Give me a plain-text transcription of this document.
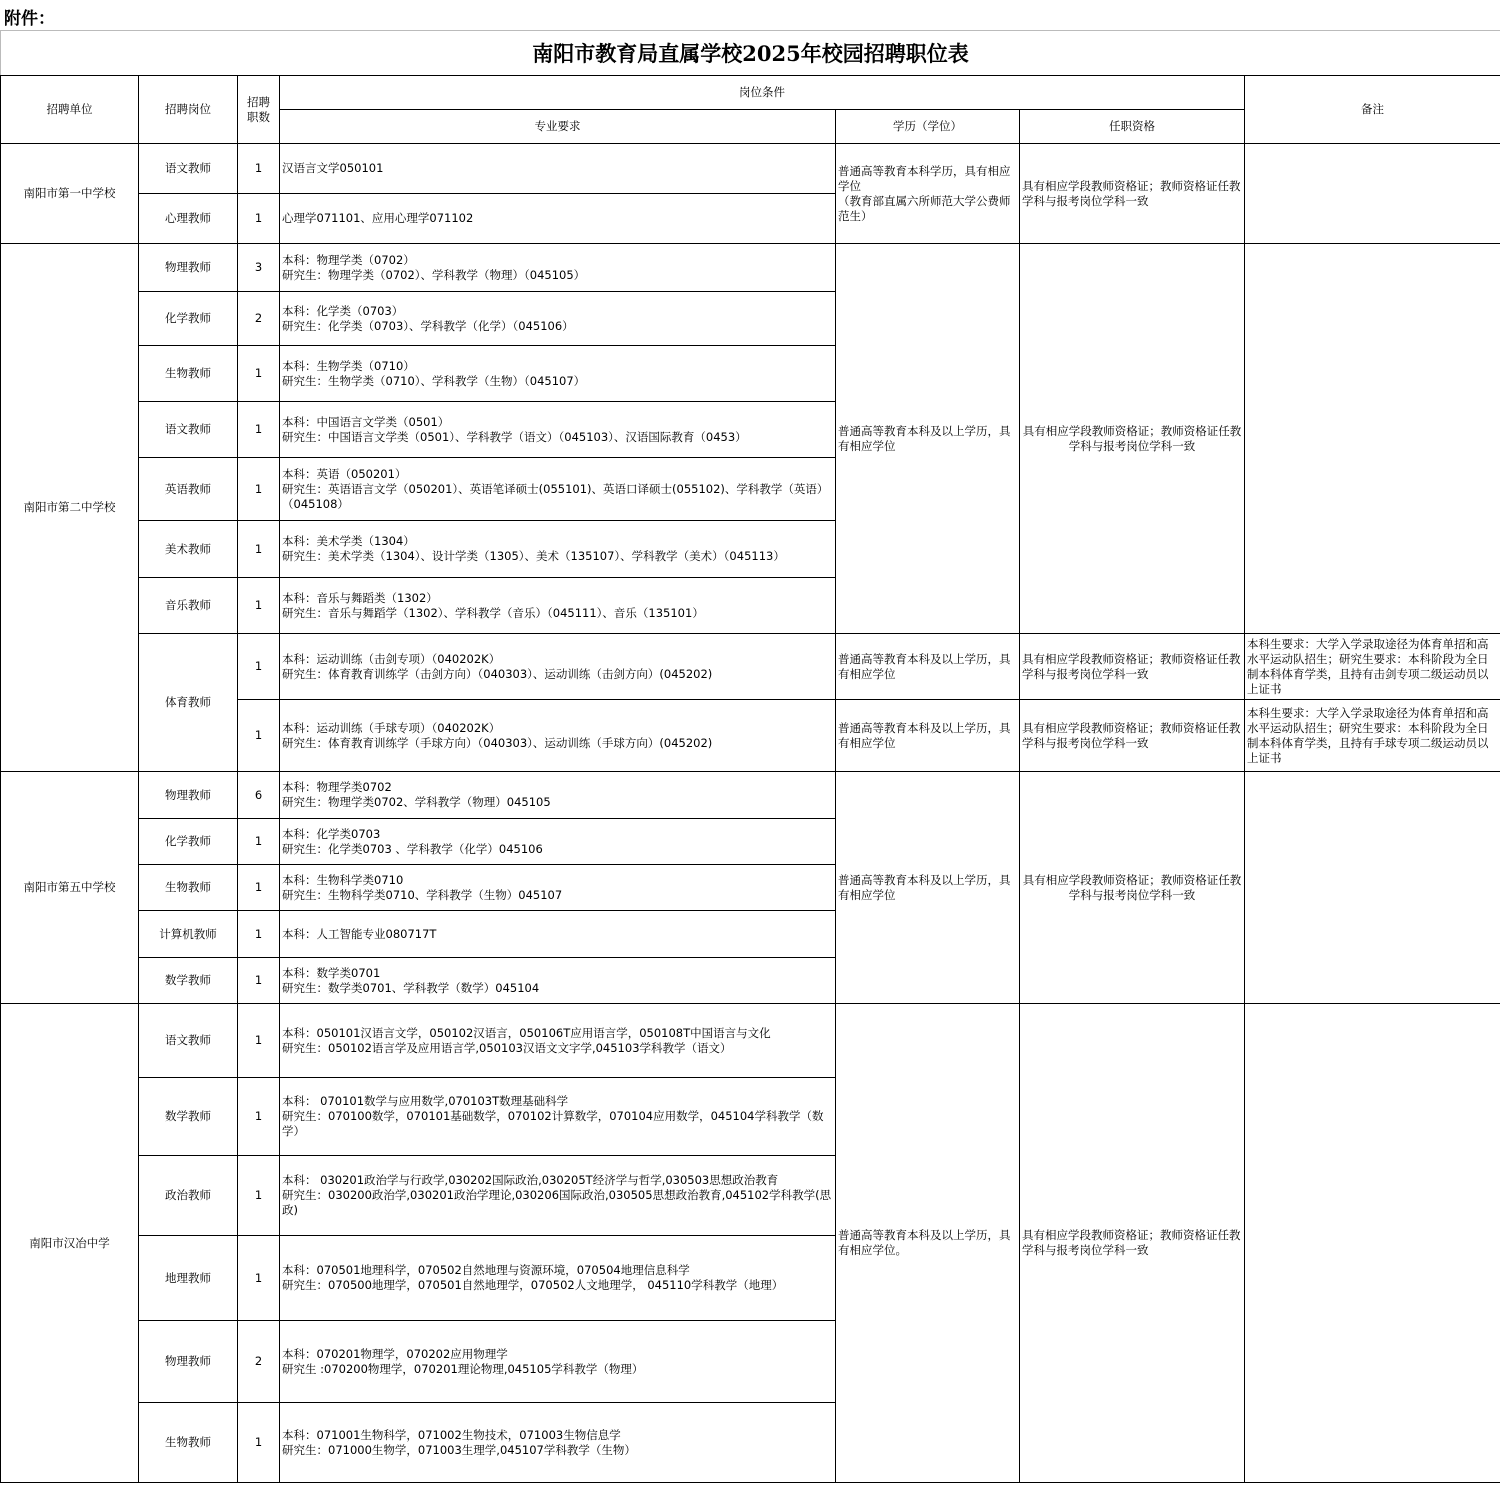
附件：
南阳市教育局直属学校2025年校园招聘职位表						
招聘单位	招聘岗位	招聘
职数	岗位条件			备注
			专业要求	学历（学位）	任职资格	
南阳市第一中学校	语文教师	1	汉语言文学050101	普通高等教育本科学历，具有相应学位
（教育部直属六所师范大学公费师范生）	具有相应学段教师资格证；教师资格证任教学科与报考岗位学科一致	
	心理教师	1	心理学071101、应用心理学071102			
南阳市第二中学校	物理教师	3	本科：物理学类（0702）
研究生：物理学类（0702）、学科教学（物理）（045105）	普通高等教育本科及以上学历，具有相应学位	具有相应学段教师资格证；教师资格证任教学科与报考岗位学科一致	
	化学教师	2	本科：化学类（0703）
研究生：化学类（0703）、学科教学（化学）（045106）			
	生物教师	1	本科：生物学类（0710）
研究生：生物学类（0710）、学科教学（生物）（045107）			
	语文教师	1	本科：中国语言文学类（0501）
研究生：中国语言文学类（0501）、学科教学（语文）（045103）、汉语国际教育（0453）			
	英语教师	1	本科：英语（050201）
研究生：英语语言文学（050201）、英语笔译硕士(055101)、英语口译硕士(055102)、学科教学（英语）（045108）			
	美术教师	1	本科：美术学类（1304）
研究生：美术学类（1304）、设计学类（1305）、美术（135107）、学科教学（美术）（045113）			
	音乐教师	1	本科：音乐与舞蹈类（1302）
研究生：音乐与舞蹈学（1302）、学科教学（音乐）（045111）、音乐（135101）			
	体育教师	1	本科：运动训练（击剑专项）（040202K）
研究生：体育教育训练学（击剑方向）（040303）、运动训练（击剑方向）(045202)	普通高等教育本科及以上学历，具有相应学位	具有相应学段教师资格证；教师资格证任教学科与报考岗位学科一致	本科生要求：大学入学录取途径为体育单招和高水平运动队招生；研究生要求：本科阶段为全日制本科体育学类，且持有击剑专项二级运动员以上证书
		1	本科：运动训练（手球专项）（040202K）
研究生：体育教育训练学（手球方向）（040303）、运动训练（手球方向）(045202)	普通高等教育本科及以上学历，具有相应学位	具有相应学段教师资格证；教师资格证任教学科与报考岗位学科一致	本科生要求：大学入学录取途径为体育单招和高水平运动队招生；研究生要求：本科阶段为全日制本科体育学类，且持有手球专项二级运动员以上证书
南阳市第五中学校	物理教师	6	本科：物理学类0702
研究生：物理学类0702、学科教学（物理）045105	普通高等教育本科及以上学历，具有相应学位	具有相应学段教师资格证；教师资格证任教学科与报考岗位学科一致	
	化学教师	1	本科：化学类0703
研究生：化学类0703 、学科教学（化学）045106			
	生物教师	1	本科：生物科学类0710
研究生：生物科学类0710、学科教学（生物）045107			
	计算机教师	1	本科：人工智能专业080717T			
	数学教师	1	本科：数学类0701
研究生：数学类0701、学科教学（数学）045104			
南阳市汉冶中学	语文教师	1	本科：050101汉语言文学，050102汉语言，050106T应用语言学，050108T中国语言与文化
研究生：050102语言学及应用语言学,050103汉语文文字学,045103学科教学（语文）	普通高等教育本科及以上学历，具有相应学位。	具有相应学段教师资格证；教师资格证任教学科与报考岗位学科一致	
	数学教师	1	本科： 070101数学与应用数学,070103T数理基础科学
研究生：070100数学，070101基础数学，070102计算数学，070104应用数学，045104学科教学（数学）			
	政治教师	1	本科： 030201政治学与行政学,030202国际政治,030205T经济学与哲学,030503思想政治教育
研究生：030200政治学,030201政治学理论,030206国际政治,030505思想政治教育,045102学科教学(思政)			
	地理教师	1	本科：070501地理科学，070502自然地理与资源环境，070504地理信息科学
研究生：070500地理学，070501自然地理学，070502人文地理学， 045110学科教学（地理）			
	物理教师	2	本科：070201物理学，070202应用物理学
研究生 :070200物理学，070201理论物理,045105学科教学（物理）			
	生物教师	1	本科：071001生物科学，071002生物技术，071003生物信息学
研究生：071000生物学，071003生理学,045107学科教学（生物）			
